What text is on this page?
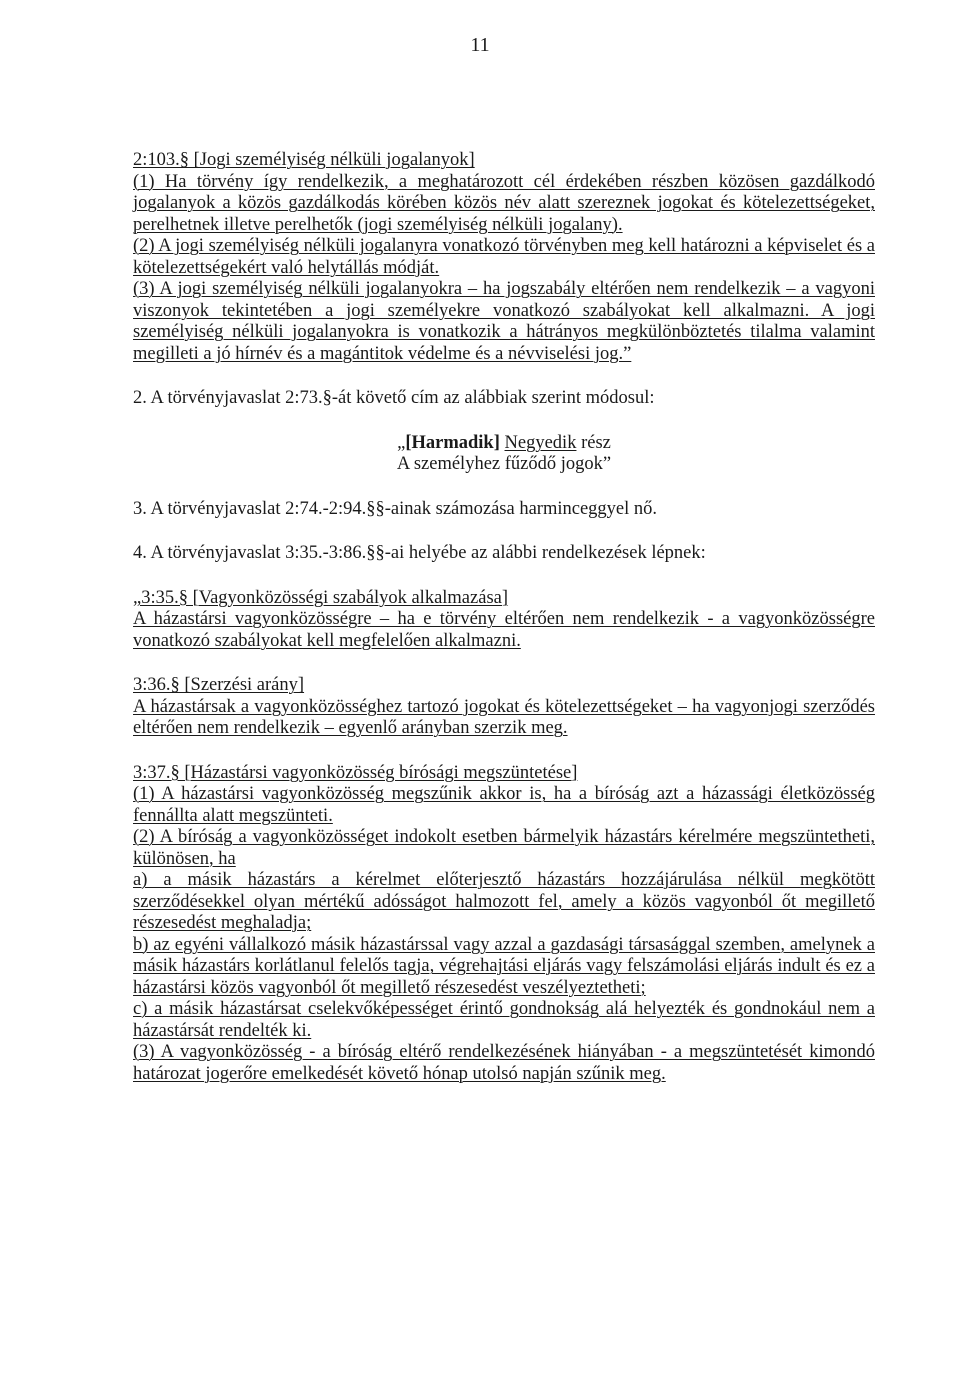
11

2:103.§ [Jogi személyiség nélküli jogalanyok]

(1) Ha törvény így rendelkezik, a meghatározott cél érdekében részben közösen gazdálkodó jogalanyok a közös gazdálkodás körében közös név alatt szereznek jogokat és kötelezettségeket, perelhetnek illetve perelhetők (jogi személyiség nélküli jogalany).

(2) A jogi személyiség nélküli jogalanyra vonatkozó törvényben meg kell határozni a képviselet és a kötelezettségekért való helytállás módját.

(3) A jogi személyiség nélküli jogalanyokra – ha jogszabály eltérően nem rendelkezik – a vagyoni viszonyok tekintetében a jogi személyekre vonatkozó szabályokat kell alkalmazni. A jogi személyiség nélküli jogalanyokra is vonatkozik a hátrányos megkülönböztetés tilalma valamint megilleti a jó hírnév és a magántitok védelme és a névviselési jog.”

2. A törvényjavaslat 2:73.§-át követő cím az alábbiak szerint módosul:

„[Harmadik] Negyedik rész

A személyhez fűződő jogok”

3. A törvényjavaslat 2:74.-2:94.§§-ainak számozása harminceggyel nő.

4. A törvényjavaslat 3:35.-3:86.§§-ai helyébe az alábbi rendelkezések lépnek:

„3:35.§ [Vagyonközösségi szabályok alkalmazása]

A házastársi vagyonközösségre – ha e törvény eltérően nem rendelkezik - a vagyonközösségre vonatkozó szabályokat kell megfelelően alkalmazni.

3:36.§ [Szerzési arány]

A házastársak a vagyonközösséghez tartozó jogokat és kötelezettségeket – ha vagyonjogi szerződés eltérően nem rendelkezik – egyenlő arányban szerzik meg.

3:37.§ [Házastársi vagyonközösség bírósági megszüntetése]

(1) A házastársi vagyonközösség megszűnik akkor is, ha a bíróság azt a házassági életközösség fennállta alatt megszünteti.

(2) A bíróság a vagyonközösséget indokolt esetben bármelyik házastárs kérelmére megszüntetheti, különösen, ha

a) a másik házastárs a kérelmet előterjesztő házastárs hozzájárulása nélkül megkötött szerződésekkel olyan mértékű adósságot halmozott fel, amely a közös vagyonból őt megillető részesedést meghaladja;

b) az egyéni vállalkozó másik házastárssal vagy azzal a gazdasági társasággal szemben, amelynek a másik házastárs korlátlanul felelős tagja, végrehajtási eljárás vagy felszámolási eljárás indult és ez a házastársi közös vagyonból őt megillető részesedést veszélyeztetheti;

c) a másik házastársat cselekvőképességet érintő gondnokság alá helyezték és gondnokául nem a házastársát rendelték ki.

(3) A vagyonközösség - a bíróság eltérő rendelkezésének hiányában - a megszüntetését kimondó határozat jogerőre emelkedését követő hónap utolsó napján szűnik meg.
